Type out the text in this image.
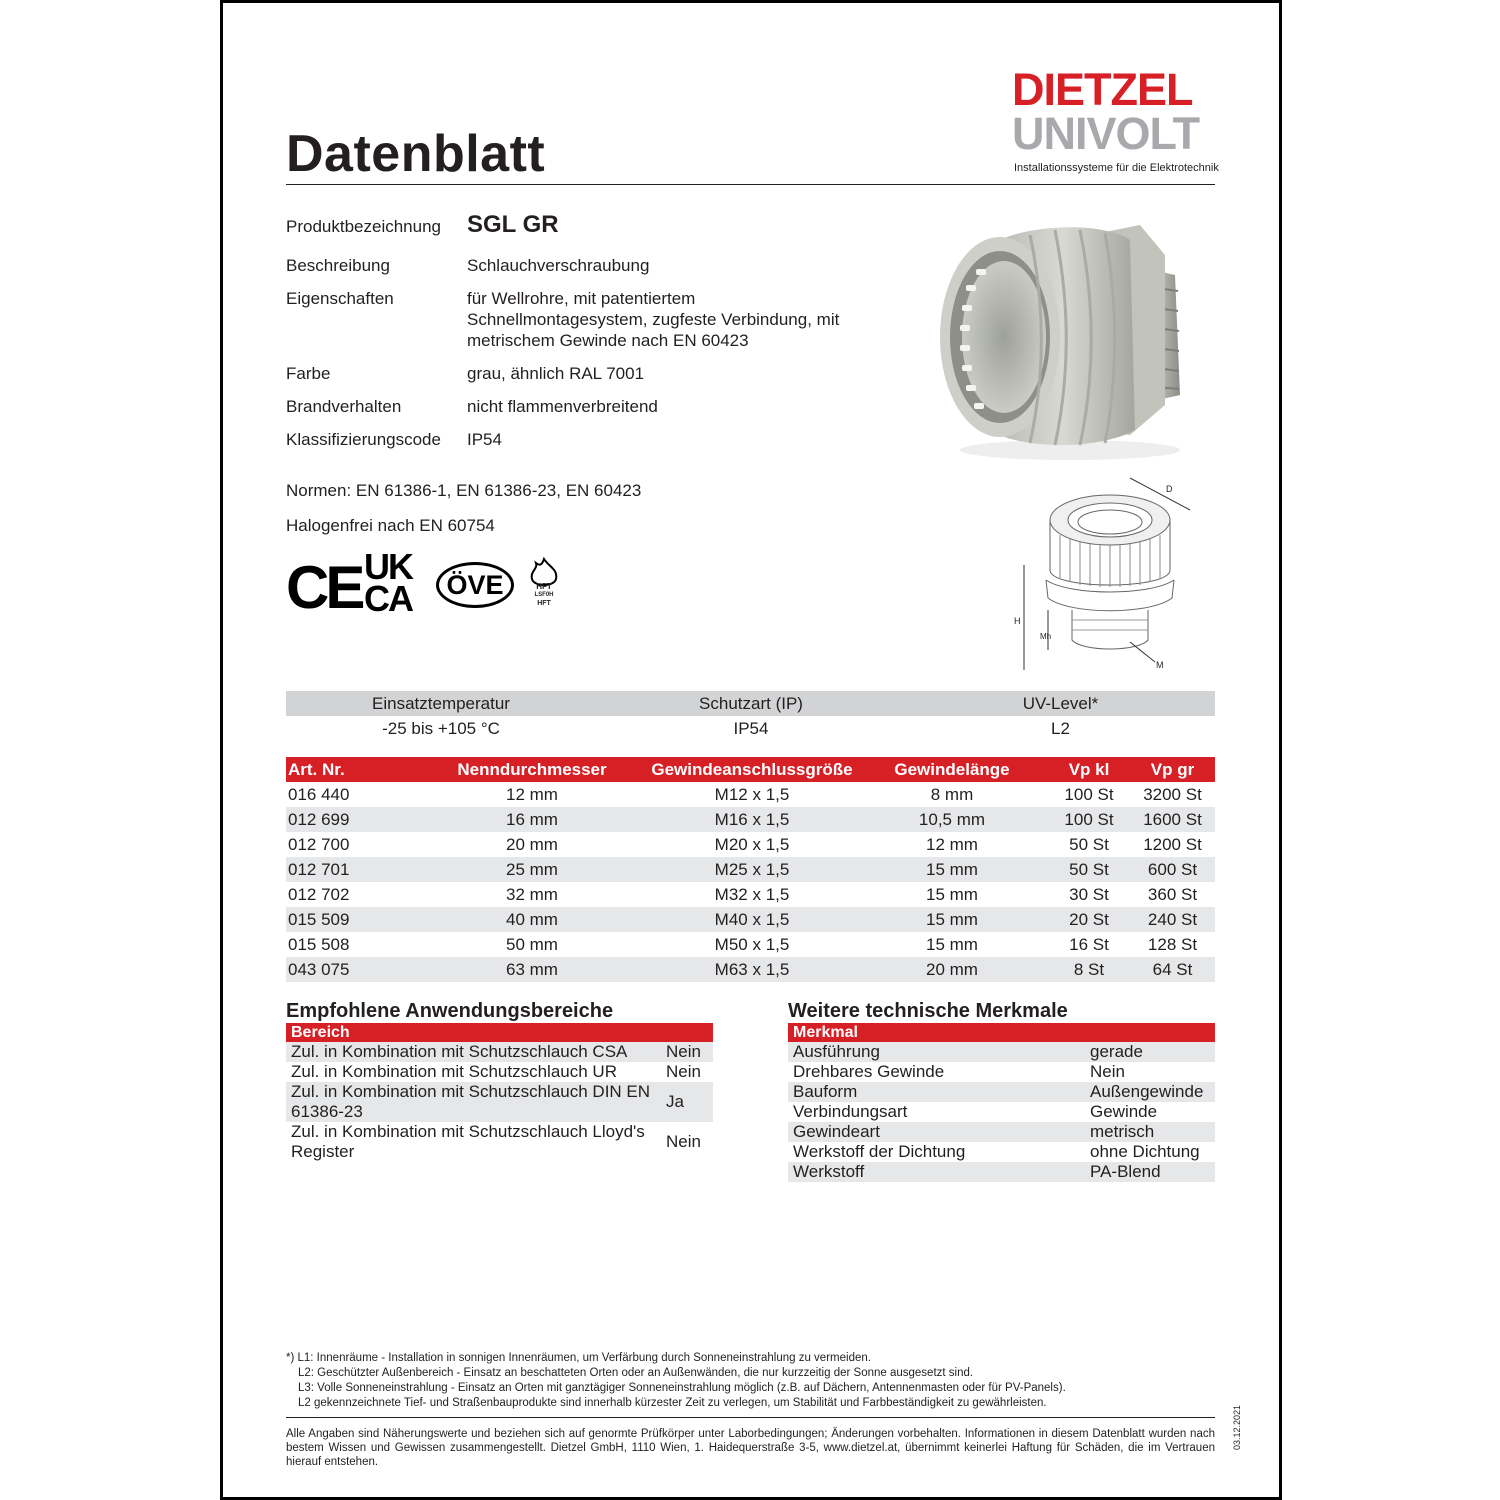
Datenblatt
DIETZEL
UNIVOLT
Installationssysteme für die Elektrotechnik
Produktbezeichnung SGL GR
Beschreibung	Schlauchverschraubung
Eigenschaften	für Wellrohre, mit patentiertem
Schnellmontagesystem, zugfeste Verbindung, mit
metrischem Gewinde nach EN 60423
Farbe	grau, ähnlich RAL 7001
Brandverhalten	nicht flammenverbreitend
Klassifizierungscode IP54
Normen: EN 61386-1, EN 61386-23, EN 60423
Halogenfrei nach EN 60754
CE UK
CA	ÖVE	HFT
LSF0H
HFT
D
H
Mh
M
Einsatztemperatur	Schutzart (IP)	UV-Level*
-25 bis +105 °C	IP54	L2
Art. Nr.	Nenndurchmesser	Gewindeanschlussgröße	Gewindelänge	Vp kl	Vp gr
016 440	12 mm	M12 x 1,5	8 mm	100 St	3200 St
012 699	16 mm	M16 x 1,5	10,5 mm	100 St	1600 St
012 700	20 mm	M20 x 1,5	12 mm	50 St	1200 St
012 701	25 mm	M25 x 1,5	15 mm	50 St	600 St
012 702	32 mm	M32 x 1,5	15 mm	30 St	360 St
015 509	40 mm	M40 x 1,5	15 mm	20 St	240 St
015 508	50 mm	M50 x 1,5	15 mm	16 St	128 St
043 075	63 mm	M63 x 1,5	20 mm	8 St	64 St
Empfohlene Anwendungsbereiche
Bereich	
Zul. in Kombination mit Schutzschlauch CSA	Nein
Zul. in Kombination mit Schutzschlauch UR	Nein
Zul. in Kombination mit Schutzschlauch DIN EN 61386-23	Ja
Zul. in Kombination mit Schutzschlauch Lloyd's Register	Nein
Weitere technische Merkmale
Merkmal	
Ausführung	gerade
Drehbares Gewinde	Nein
Bauform	Außengewinde
Verbindungsart	Gewinde
Gewindeart	metrisch
Werkstoff der Dichtung	ohne Dichtung
Werkstoff	PA-Blend
*) L1: Innenräume - Installation in sonnigen Innenräumen, um Verfärbung durch Sonneneinstrahlung zu vermeiden.
L2: Geschützter Außenbereich - Einsatz an beschatteten Orten oder an Außenwänden, die nur kurzzeitig der Sonne ausgesetzt sind.
L3: Volle Sonneneinstrahlung - Einsatz an Orten mit ganztägiger Sonneneinstrahlung möglich (z.B. auf Dächern, Antennenmasten oder für PV-Panels).
L2 gekennzeichnete Tief- und Straßenbauprodukte sind innerhalb kürzester Zeit zu verlegen, um Stabilität und Farbbeständigkeit zu gewährleisten.
Alle Angaben sind Näherungswerte und beziehen sich auf genormte Prüfkörper unter Laborbedingungen; Änderungen vorbehalten. Informationen in diesem Datenblatt wurden nach bestem Wissen und Gewissen zusammengestellt. Dietzel GmbH, 1110 Wien, 1. Haidequerstraße 3-5, www.dietzel.at, übernimmt keinerlei Haftung für Schäden, die im Vertrauen hierauf entstehen.
03.12.2021
